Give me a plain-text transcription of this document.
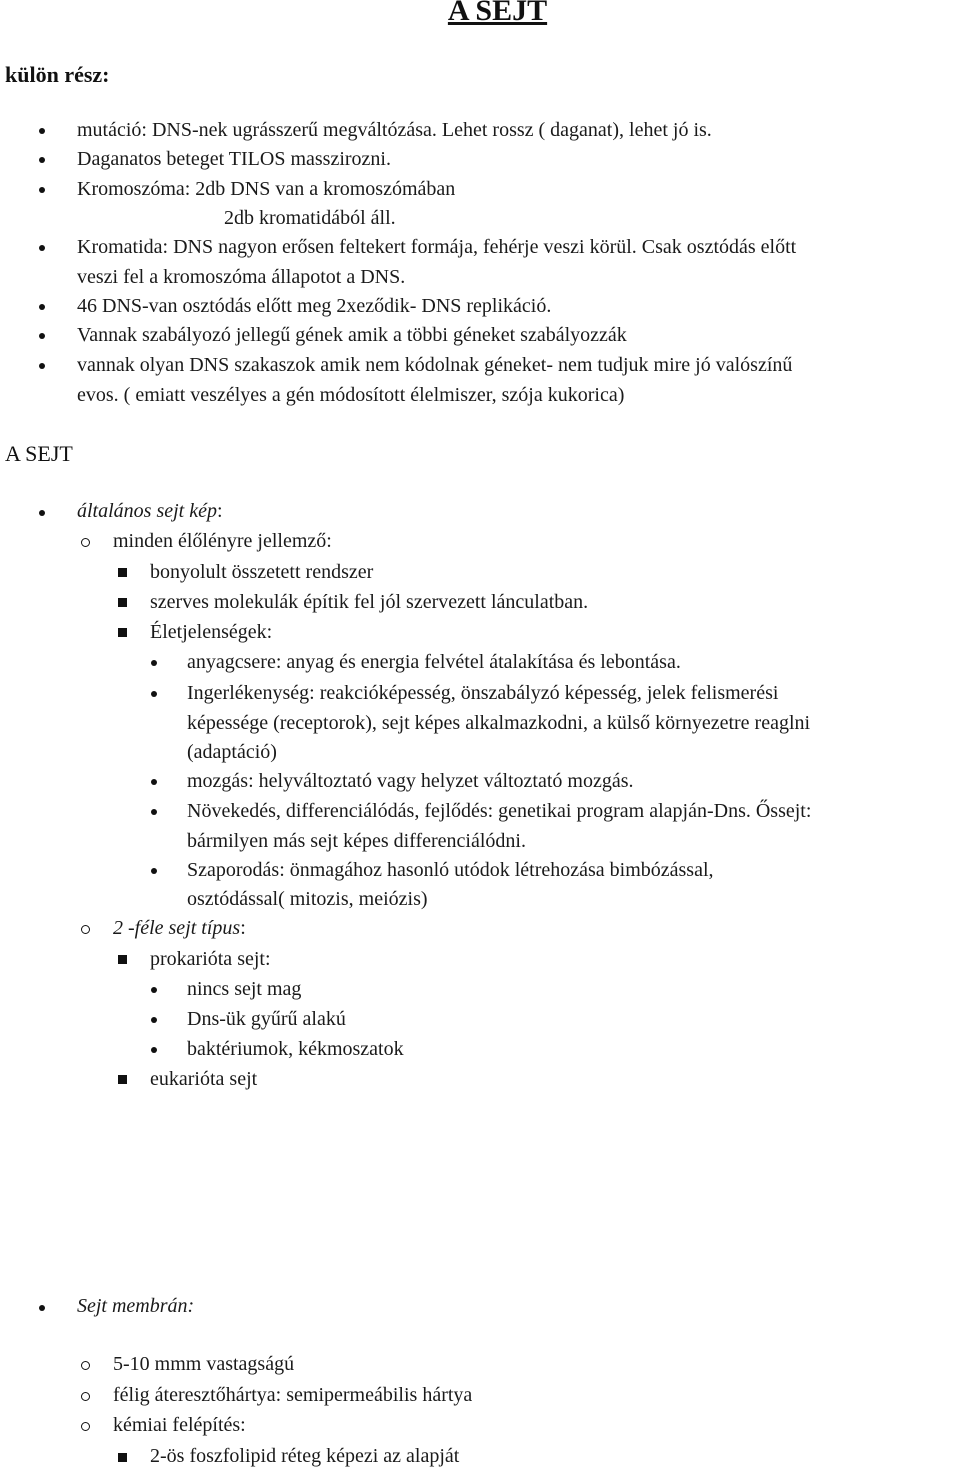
A SEJT
külön rész:
mutáció: DNS-nek ugrásszerű megváltózása. Lehet rossz ( daganat), lehet jó is.
Daganatos beteget TILOS masszirozni.
Kromoszóma: 2db DNS van a kromoszómában
2db kromatidából áll.
Kromatida: DNS nagyon erősen feltekert formája, fehérje veszi körül. Csak osztódás előtt
veszi fel a kromoszóma állapotot a DNS.
46 DNS-van osztódás előtt meg 2xeződik- DNS replikáció.
Vannak szabályozó jellegű gének amik a többi géneket szabályozzák
vannak olyan DNS szakaszok amik nem kódolnak géneket- nem tudjuk mire jó valószínű
evos. ( emiatt veszélyes a gén módosított élelmiszer, szója kukorica)
A SEJT
általános sejt kép:
minden élőlényre jellemző:
bonyolult összetett rendszer
szerves molekulák építik fel jól szervezett lánculatban.
Életjelenségek:
anyagcsere: anyag és energia felvétel átalakítása és lebontása.
Ingerlékenység: reakcióképesség, önszabályzó képesség, jelek felismerési
képessége (receptorok), sejt képes alkalmazkodni, a külső környezetre reaglni
(adaptáció)
mozgás: helyváltoztató vagy helyzet változtató mozgás.
Növekedés, differenciálódás, fejlődés: genetikai program alapján-Dns. Őssejt:
bármilyen más sejt képes differenciálódni.
Szaporodás: önmagához hasonló utódok létrehozása bimbózással,
osztódással( mitozis, meiózis)
2 -féle sejt típus:
prokarióta sejt:
nincs sejt mag
Dns-ük gyűrű alakú
baktériumok, kékmoszatok
eukarióta sejt
Sejt membrán:
5-10 mmm vastagságú
félig áteresztőhártya: semipermeábilis hártya
kémiai felépítés:
2-ös foszfolipid réteg képezi az alapját
